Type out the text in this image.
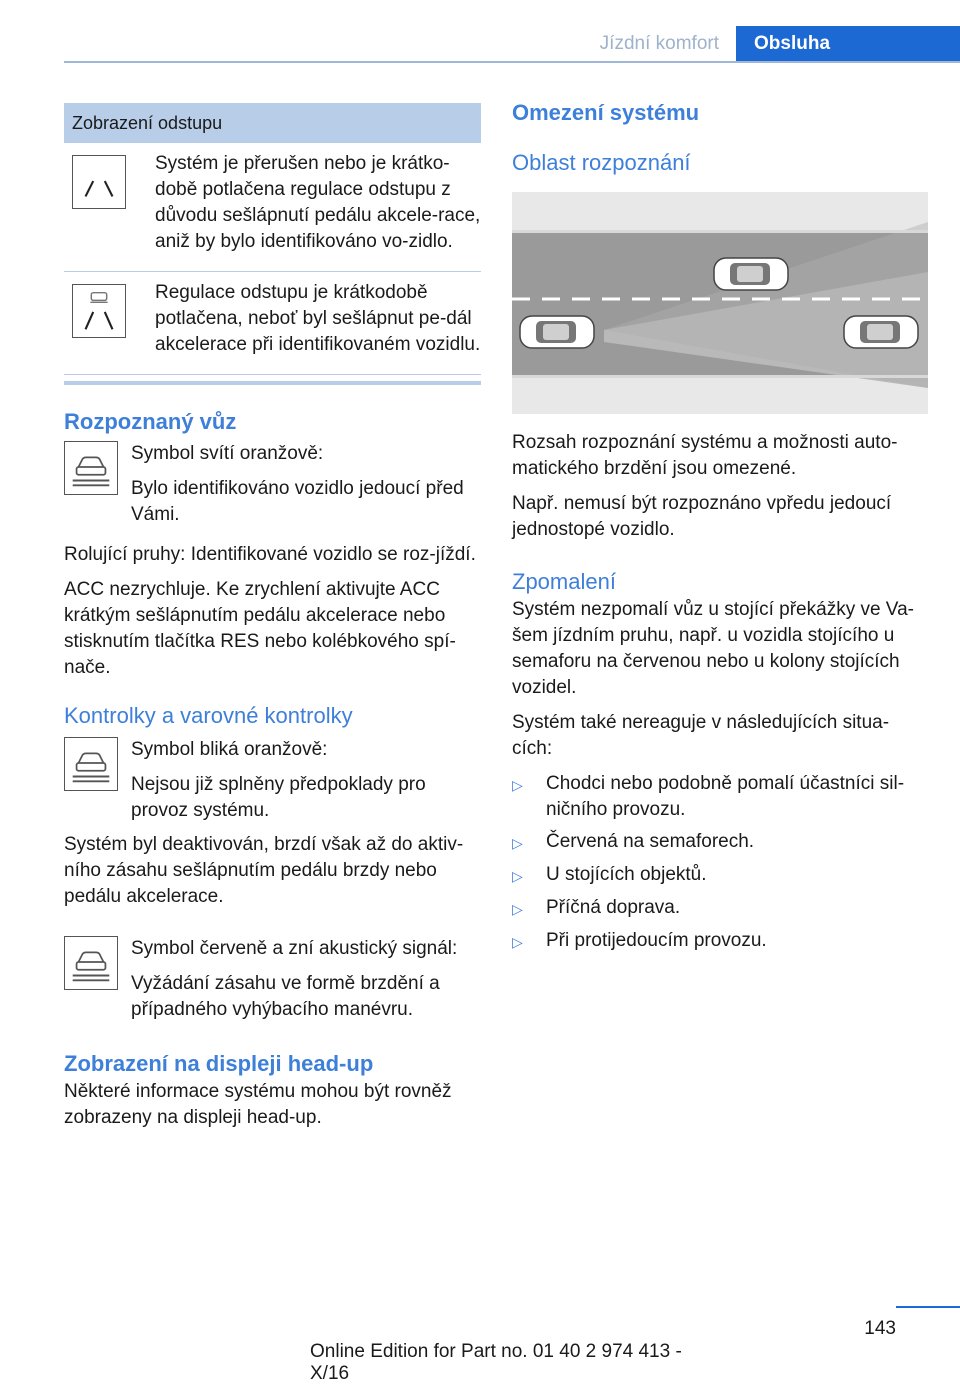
Jízdní komfort	Obsluha
Zobrazení odstupu
Systém je přerušen nebo je krátko-době potlačena regulace odstupu z důvodu sešlápnutí pedálu akcele-race, aniž by bylo identifikováno vo-zidlo.
Regulace odstupu je krátkodobě potlačena, neboť byl sešlápnut pe-dál akcelerace při identifikovaném vozidlu.
Rozpoznaný vůz

Symbol svítí oranžově:

Bylo identifikováno vozidlo jedoucí před Vámi.

Rolující pruhy: Identifikované vozidlo se roz-jíždí.

ACC nezrychluje. Ke zrychlení aktivujte ACC krátkým sešlápnutím pedálu akcelerace nebo stisknutím tlačítka RES nebo kolébkového spí-nače.

Kontrolky a varovné kontrolky

Symbol bliká oranžově:

Nejsou již splněny předpoklady pro provoz systému.

Systém byl deaktivován, brzdí však až do aktiv-ního zásahu sešlápnutím pedálu brzdy nebo pedálu akcelerace.

Symbol červeně a zní akustický signál:

Vyžádání zásahu ve formě brzdění a případného vyhýbacího manévru.

Zobrazení na displeji head-up

Některé informace systému mohou být rovněž zobrazeny na displeji head-up.

Omezení systému
Oblast rozpoznání

Rozsah rozpoznání systému a možnosti auto-matického brzdění jsou omezené.

Např. nemusí být rozpoznáno vpředu jedoucí jednostopé vozidlo.

Zpomalení

Systém nezpomalí vůz u stojící překážky ve Va-šem jízdním pruhu, např. u vozidla stojícího u semaforu na červenou nebo u kolony stojících vozidel.

Systém také nereaguje v následujících situa-cích:

▷	Chodci nebo podobně pomalí účastníci sil-ničního provozu.
▷	Červená na semaforech.
▷	U stojících objektů.
▷	Příčná doprava.
▷	Při protijedoucím provozu.
143
Online Edition for Part no. 01 40 2 974 413 - X/16
